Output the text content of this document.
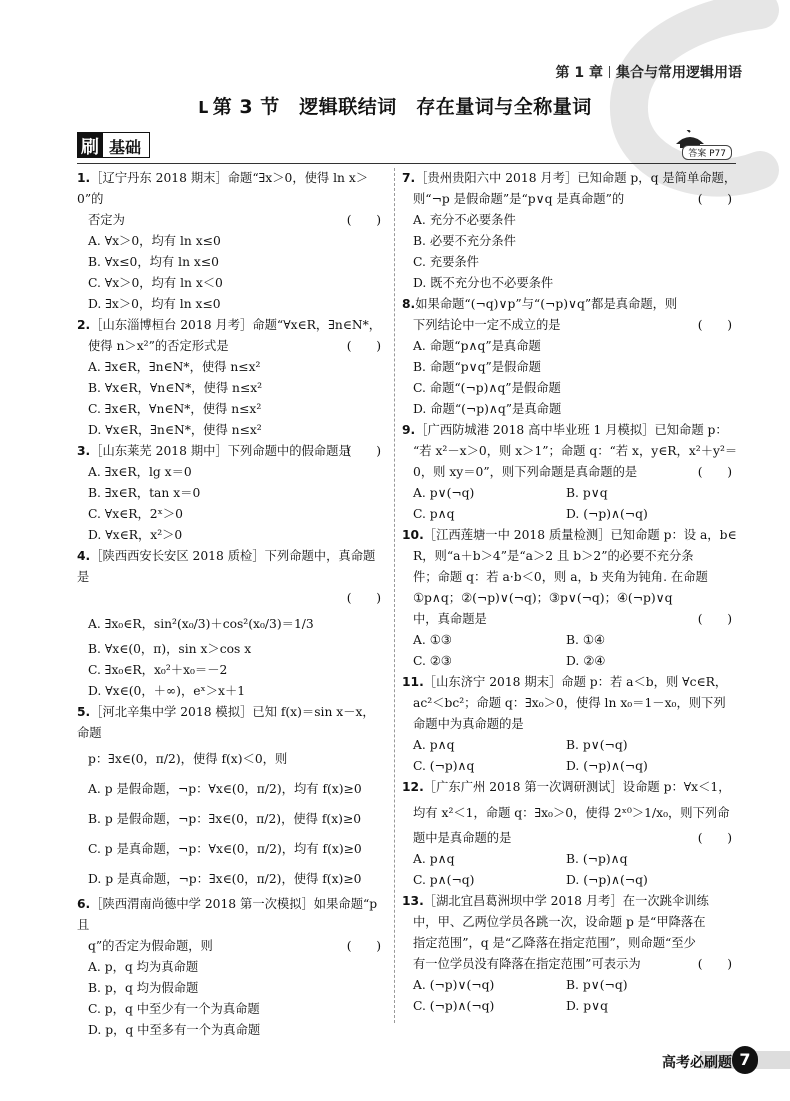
第 1 章 集合与常用逻辑用语
ᒪ 第 3 节　逻辑联结词　存在量词与全称量词
刷 基础	答案 P77
1.［辽宁丹东 2018 期末］命题“∃x＞0，使得 ln x＞0”的
否定为	(　　)
A. ∀x＞0，均有 ln x≤0
B. ∀x≤0，均有 ln x≤0
C. ∀x＞0，均有 ln x＜0
D. ∃x＞0，均有 ln x≤0
2.［山东淄博桓台 2018 月考］命题“∀x∈R，∃n∈N*，
使得 n＞x²”的否定形式是	(　　)
A. ∃x∈R，∃n∈N*，使得 n≤x²
B. ∀x∈R，∀n∈N*，使得 n≤x²
C. ∃x∈R，∀n∈N*，使得 n≤x²
D. ∀x∈R，∃n∈N*，使得 n≤x²
3.［山东莱芜 2018 期中］下列命题中的假命题是
(　　)
A. ∃x∈R，lg x＝0
B. ∃x∈R，tan x＝0
C. ∀x∈R，2ˣ＞0
D. ∀x∈R，x²＞0
4.［陕西西安长安区 2018 质检］下列命题中，真命题是

(　　)
A. ∃x₀∈R，sin²(x₀/3)＋cos²(x₀/3)＝1/3
B. ∀x∈(0，π)，sin x＞cos x
C. ∃x₀∈R，x₀²＋x₀＝－2
D. ∀x∈(0，＋∞)，eˣ＞x＋1
5.［河北辛集中学 2018 模拟］已知 f(x)＝sin x－x，命题
p：∃x∈(0，π/2)，使得 f(x)＜0，则
A. p 是假命题，¬p：∀x∈(0，π/2)，均有 f(x)≥0
B. p 是假命题，¬p：∃x∈(0，π/2)，使得 f(x)≥0
C. p 是真命题，¬p：∀x∈(0，π/2)，均有 f(x)≥0
D. p 是真命题，¬p：∃x∈(0，π/2)，使得 f(x)≥0
6.［陕西渭南尚德中学 2018 第一次模拟］如果命题“p 且
q”的否定为假命题，则	(　　)
A. p，q 均为真命题
B. p，q 均为假命题
C. p，q 中至少有一个为真命题
D. p，q 中至多有一个为真命题
7.［贵州贵阳六中 2018 月考］已知命题 p，q 是简单命题，
则“¬p 是假命题”是“p∨q 是真命题”的	(　　)
A. 充分不必要条件
B. 必要不充分条件
C. 充要条件
D. 既不充分也不必要条件
8.如果命题“(¬q)∨p”与“(¬p)∨q”都是真命题，则
下列结论中一定不成立的是	(　　)
A. 命题“p∧q”是真命题
B. 命题“p∨q”是假命题
C. 命题“(¬p)∧q”是假命题
D. 命题“(¬p)∧q”是真命题
9.［广西防城港 2018 高中毕业班 1 月模拟］已知命题 p：
“若 x²－x＞0，则 x＞1”；命题 q：“若 x，y∈R，x²＋y²＝
0，则 xy＝0”，则下列命题是真命题的是	(　　)
A. p∨(¬q)	B. p∨q
C. p∧q	D. (¬p)∧(¬q)
10.［江西莲塘一中 2018 质量检测］已知命题 p：设 a，b∈
R，则“a＋b＞4”是“a＞2 且 b＞2”的必要不充分条
件；命题 q：若 a·b＜0，则 a，b 夹角为钝角. 在命题
①p∧q；②(¬p)∨(¬q)；③p∨(¬q)；④(¬p)∨q
中，真命题是	(　　)
A. ①③	B. ①④
C. ②③	D. ②④
11.［山东济宁 2018 期末］命题 p：若 a＜b，则 ∀c∈R，
ac²＜bc²；命题 q：∃x₀＞0，使得 ln x₀＝1－x₀，则下列
命题中为真命题的是
A. p∧q	B. p∨(¬q)
C. (¬p)∧q	D. (¬p)∧(¬q)
12.［广东广州 2018 第一次调研测试］设命题 p：∀x＜1，
均有 x²＜1，命题 q：∃x₀＞0，使得 2ˣ⁰＞1/x₀，则下列命
题中是真命题的是	(　　)
A. p∧q	B. (¬p)∧q
C. p∧(¬q)	D. (¬p)∧(¬q)
13.［湖北宜昌葛洲坝中学 2018 月考］在一次跳伞训练
中，甲、乙两位学员各跳一次，设命题 p 是“甲降落在
指定范围”，q 是“乙降落在指定范围”，则命题“至少
有一位学员没有降落在指定范围”可表示为	(　　)
A. (¬p)∨(¬q)	B. p∨(¬q)
C. (¬p)∧(¬q)	D. p∨q
高考必刷题 7
